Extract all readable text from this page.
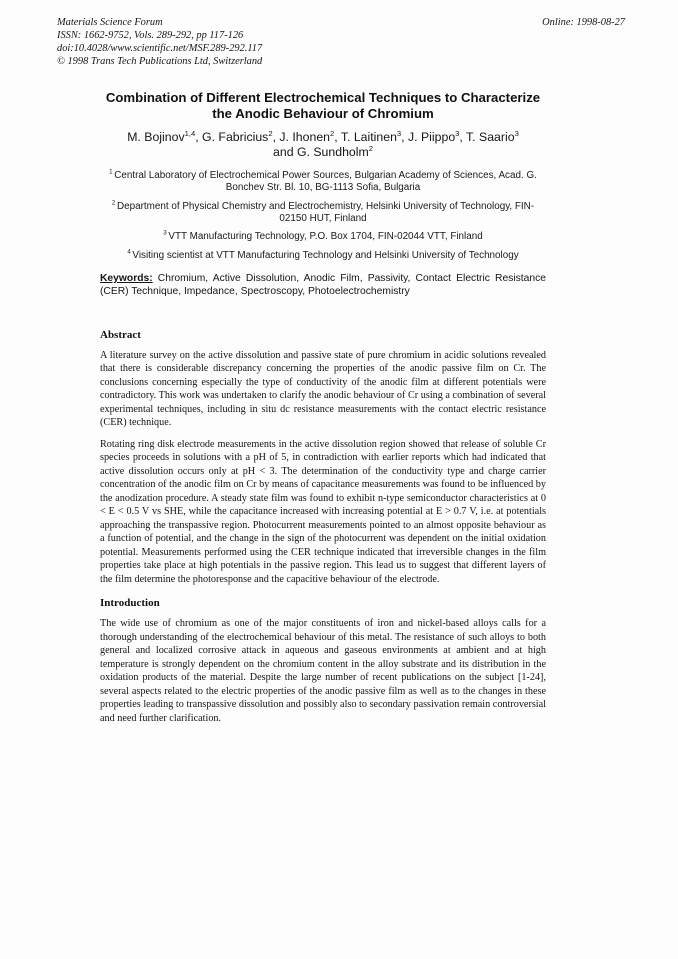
Materials Science Forum
ISSN: 1662-9752, Vols. 289-292, pp 117-126
doi:10.4028/www.scientific.net/MSF.289-292.117
© 1998 Trans Tech Publications Ltd, Switzerland
Online: 1998-08-27
Combination of Different Electrochemical Techniques to Characterize
the Anodic Behaviour of Chromium
M. Bojinov$^{1,4}$, G. Fabricius$^2$, J. Ihonen$^2$, T. Laitinen$^3$, J. Piippo$^3$, T. Saario$^3$ and G. Sundholm$^2$
$^1$ Central Laboratory of Electrochemical Power Sources, Bulgarian Academy of Sciences, Acad. G. Bonchev Str. Bl. 10, BG-1113 Sofia, Bulgaria
$^2$ Department of Physical Chemistry and Electrochemistry, Helsinki University of Technology, FIN-02150 HUT, Finland
$^3$ VTT Manufacturing Technology, P.O. Box 1704, FIN-02044 VTT, Finland
$^4$ Visiting scientist at VTT Manufacturing Technology and Helsinki University of Technology

Keywords: Chromium, Active Dissolution, Anodic Film, Passivity, Contact Electric Resistance (CER) Technique, Impedance, Spectroscopy, Photoelectrochemistry

Abstract

A literature survey on the active dissolution and passive state of pure chromium in acidic solutions revealed that there is considerable discrepancy concerning the properties of the anodic passive film on Cr. The conclusions concerning especially the type of conductivity of the anodic film at different potentials were contradictory. This work was undertaken to clarify the anodic behaviour of Cr using a combination of several experimental techniques, including in situ dc resistance measurements with the contact electric resistance (CER) technique.

Rotating ring disk electrode measurements in the active dissolution region showed that release of soluble Cr species proceeds in solutions with a pH of 5, in contradiction with earlier reports which had indicated that active dissolution occurs only at pH < 3. The determination of the conductivity type and charge carrier concentration of the anodic film on Cr by means of capacitance measurements was found to be influenced by the anodization procedure. A steady state film was found to exhibit n-type semiconductor characteristics at 0 < E < 0.5 V vs SHE, while the capacitance increased with increasing potential at E > 0.7 V, i.e. at potentials approaching the transpassive region. Photocurrent measurements pointed to an almost opposite behaviour as a function of potential, and the change in the sign of the photocurrent was dependent on the initial oxidation potential. Measurements performed using the CER technique indicated that irreversible changes in the film properties take place at high potentials in the passive region. This lead us to suggest that different layers of the film determine the photoresponse and the capacitive behaviour of the electrode.

Introduction

The wide use of chromium as one of the major constituents of iron and nickel-based alloys calls for a thorough understanding of the electrochemical behaviour of this metal. The resistance of such alloys to both general and localized corrosive attack in aqueous and gaseous environments at ambient and at high temperature is strongly dependent on the chromium content in the alloy substrate and its distribution in the oxidation products of the material. Despite the large number of recent publications on the subject [1-24], several aspects related to the electric properties of the anodic passive film as well as to the changes in these properties leading to transpassive dissolution and possibly also to secondary passivation remain controversial and need further clarification.
